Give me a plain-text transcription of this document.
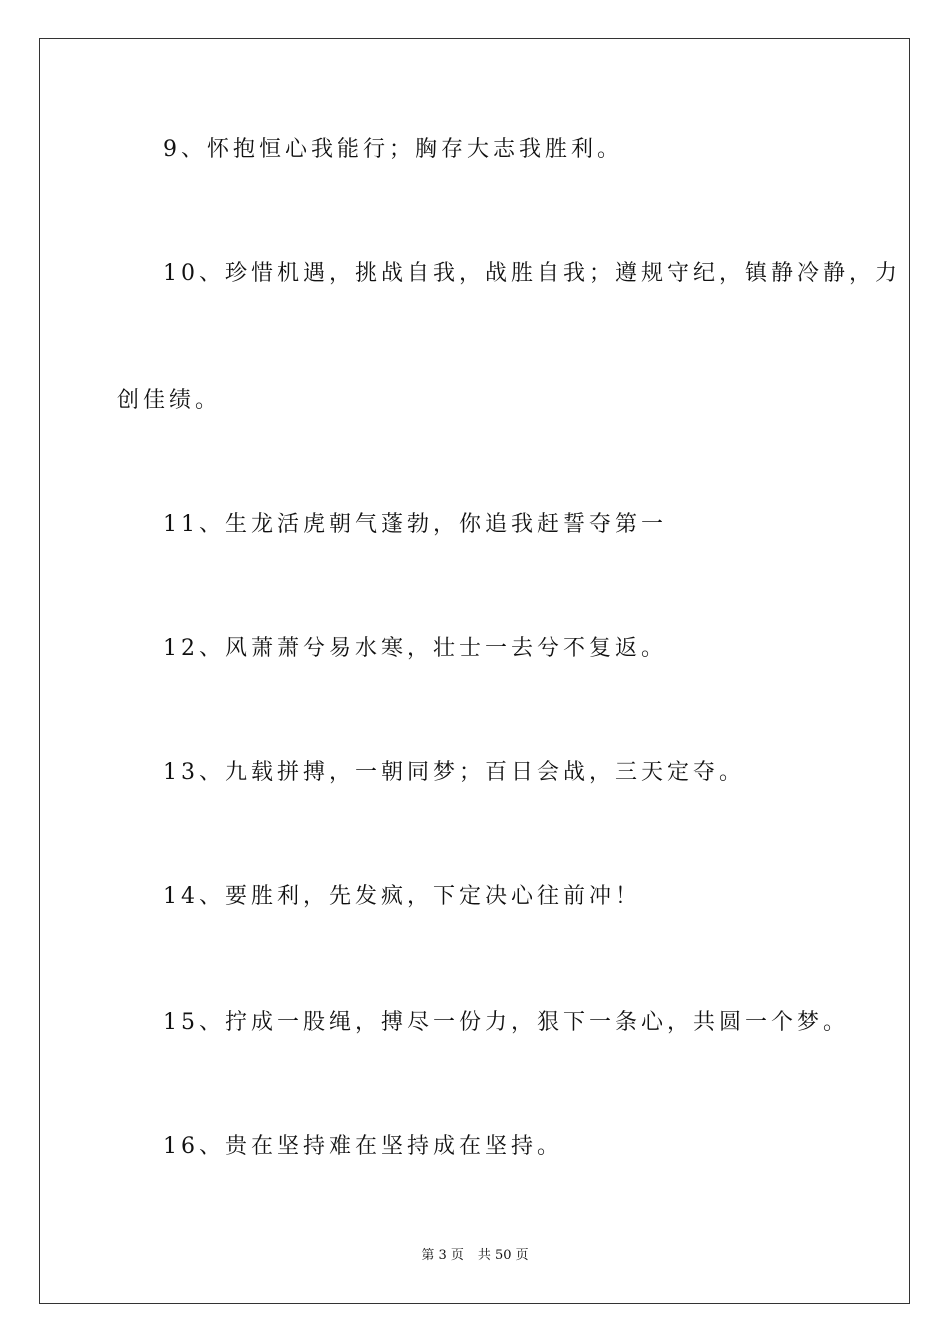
9、怀抱恒心我能行；胸存大志我胜利。
10、珍惜机遇，挑战自我，战胜自我；遵规守纪，镇静冷静，力
创佳绩。
11、生龙活虎朝气蓬勃，你追我赶誓夺第一
12、风萧萧兮易水寒，壮士一去兮不复返。
13、九载拼搏，一朝同梦；百日会战，三天定夺。
14、要胜利，先发疯，下定决心往前冲！
15、拧成一股绳，搏尽一份力，狠下一条心，共圆一个梦。
16、贵在坚持难在坚持成在坚持。
第 3 页 共 50 页
